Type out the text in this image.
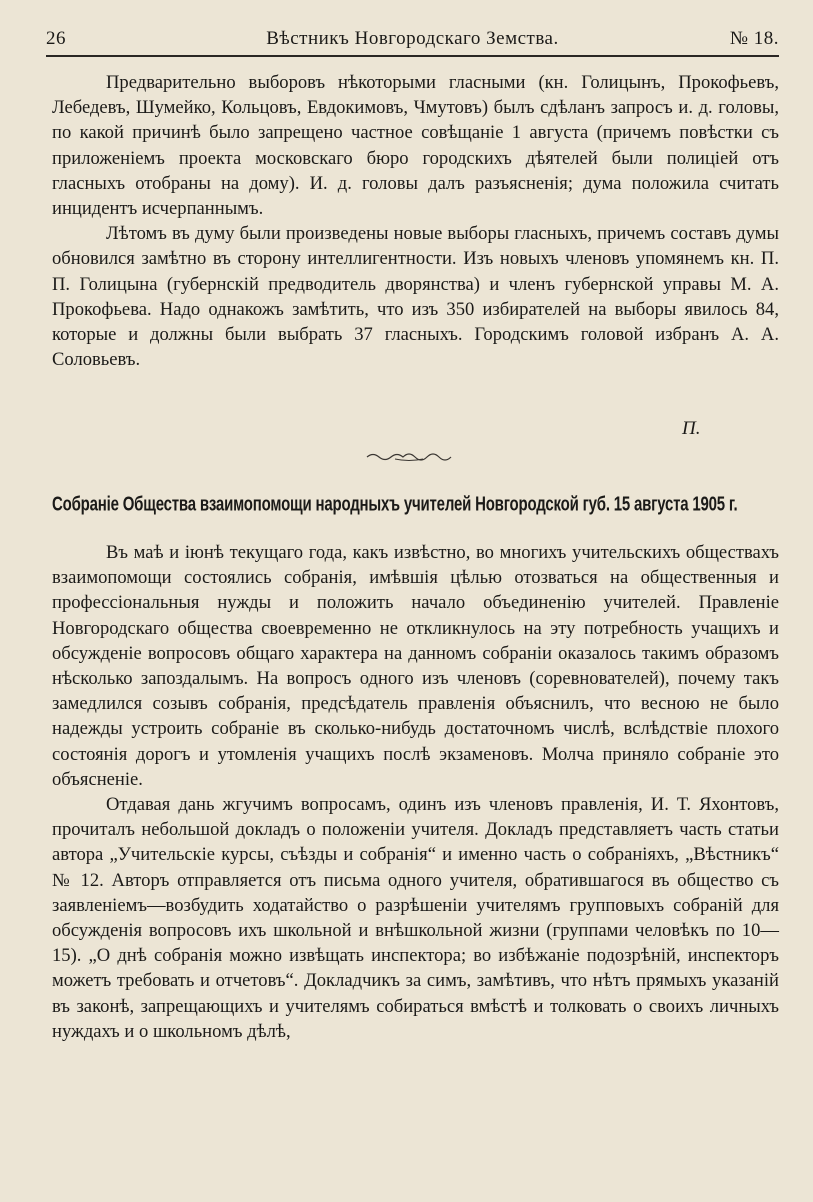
26	Вѣстникъ Новгородскаго Земства.	№ 18.

Предварительно выборовъ нѣкоторыми гласными (кн. Голицынъ, Прокофьевъ, Лебедевъ, Шумейко, Кольцовъ, Евдокимовъ, Чмутовъ) былъ сдѣланъ запросъ и. д. головы, по какой причинѣ было запрещено частное совѣщаніе 1 августа (причемъ повѣстки съ приложеніемъ проекта московскаго бюро городскихъ дѣятелей были полиціей отъ гласныхъ отобраны на дому). И. д. головы далъ разъясненія; дума положила считать инцидентъ исчерпаннымъ.

Лѣтомъ въ думу были произведены новые выборы гласныхъ, причемъ составъ думы обновился замѣтно въ сторону интеллигентности. Изъ новыхъ членовъ упомянемъ кн. П. П. Голицына (губернскій предводитель дворянства) и членъ губернской управы М. А. Прокофьева. Надо однакожъ замѣтить, что изъ 350 избирателей на выборы явилось 84, которые и должны были выбрать 37 гласныхъ. Городскимъ головой избранъ А. А. Соловьевъ.

П.
Собраніе Общества взаимопомощи народныхъ учителей Новгородской губ. 15 августа 1905 г.

Въ маѣ и іюнѣ текущаго года, какъ извѣстно, во многихъ учительскихъ обществахъ взаимопомощи состоялись собранія, имѣвшія цѣлью отозваться на общественныя и профессіональныя нужды и положить начало объединенію учителей. Правленіе Новгородскаго общества своевременно не откликнулось на эту потребность учащихъ и обсужденіе вопросовъ общаго характера на данномъ собраніи оказалось такимъ образомъ нѣсколько запоздалымъ. На вопросъ одного изъ членовъ (соревнователей), почему такъ замедлился созывъ собранія, предсѣдатель правленія объяснилъ, что весною не было надежды устроить собраніе въ сколько-нибудь достаточномъ числѣ, вслѣдствіе плохого состоянія дорогъ и утомленія учащихъ послѣ экзаменовъ. Молча приняло собраніе это объясненіе.

Отдавая дань жгучимъ вопросамъ, одинъ изъ членовъ правленія, И. Т. Яхонтовъ, прочиталъ небольшой докладъ о положеніи учителя. Докладъ представляетъ часть статьи автора „Учительскіе курсы, съѣзды и собранія“ и именно часть о собраніяхъ, „Вѣстникъ“ № 12. Авторъ отправляется отъ письма одного учителя, обратившагося въ общество съ заявленіемъ—возбудить ходатайство о разрѣшеніи учителямъ групповыхъ собраній для обсужденія вопросовъ ихъ школьной и внѣшкольной жизни (группами человѣкъ по 10—15). „О днѣ собранія можно извѣщать инспектора; во избѣжаніе подозрѣній, инспекторъ можетъ требовать и отчетовъ“. Докладчикъ за симъ, замѣтивъ, что нѣтъ прямыхъ указаній въ законѣ, запрещающихъ и учителямъ собираться вмѣстѣ и толковать о своихъ личныхъ нуждахъ и о школьномъ дѣлѣ,
